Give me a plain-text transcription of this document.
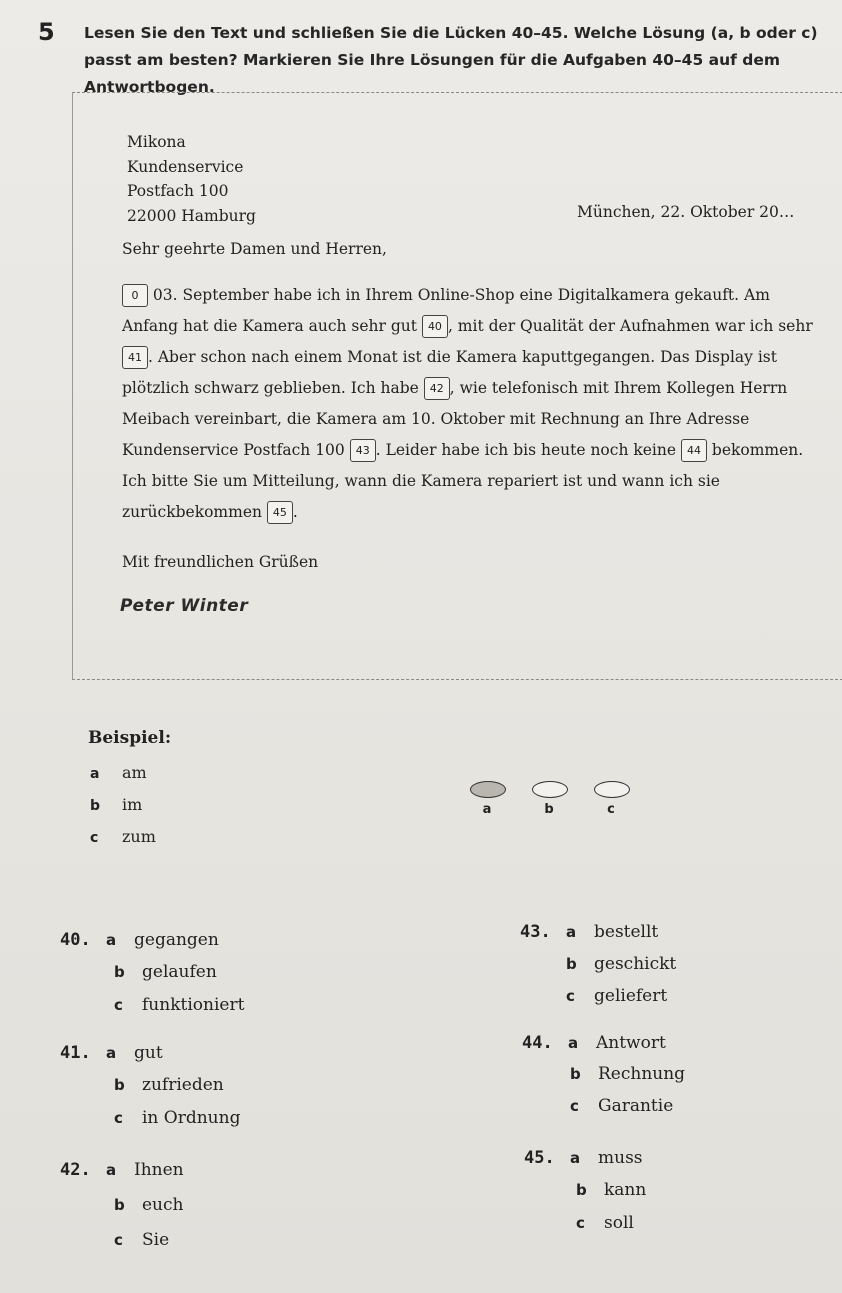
5 Lesen Sie den Text und schließen Sie die Lücken 40–45. Welche Lösung (a, b oder c) passt am besten? Markieren Sie Ihre Lösungen für die Aufgaben 40–45 auf dem Antwortbogen.
Mikona
Kundenservice
Postfach 100
22000 Hamburg	München, 22. Oktober 20…
Sehr geehrte Damen und Herren,
0 03. September habe ich in Ihrem Online-Shop eine Digitalkamera gekauft. Am Anfang hat die Kamera auch sehr gut 40 , mit der Qualität der Aufnahmen war ich sehr 41 . Aber schon nach einem Monat ist die Kamera kaputtgegangen. Das Display ist plötzlich schwarz geblieben. Ich habe 42 , wie telefonisch mit Ihrem Kollegen Herrn Meibach vereinbart, die Kamera am 10. Oktober mit Rechnung an Ihre Adresse Kundenservice Postfach 100 43 . Leider habe ich bis heute noch keine 44 bekommen. Ich bitte Sie um Mitteilung, wann die Kamera repariert ist und wann ich sie zurückbekommen 45 .
Mit freundlichen Grüßen
Peter Winter
Beispiel:
a am
b im
c zum
a	b	c
40. a gegangen
b gelaufen
c funktioniert
41. a gut
b zufrieden
c in Ordnung
42. a Ihnen
b euch
c Sie
43. a bestellt
b geschickt
c geliefert
44. a Antwort
b Rechnung
c Garantie
45. a muss
b kann
c soll
